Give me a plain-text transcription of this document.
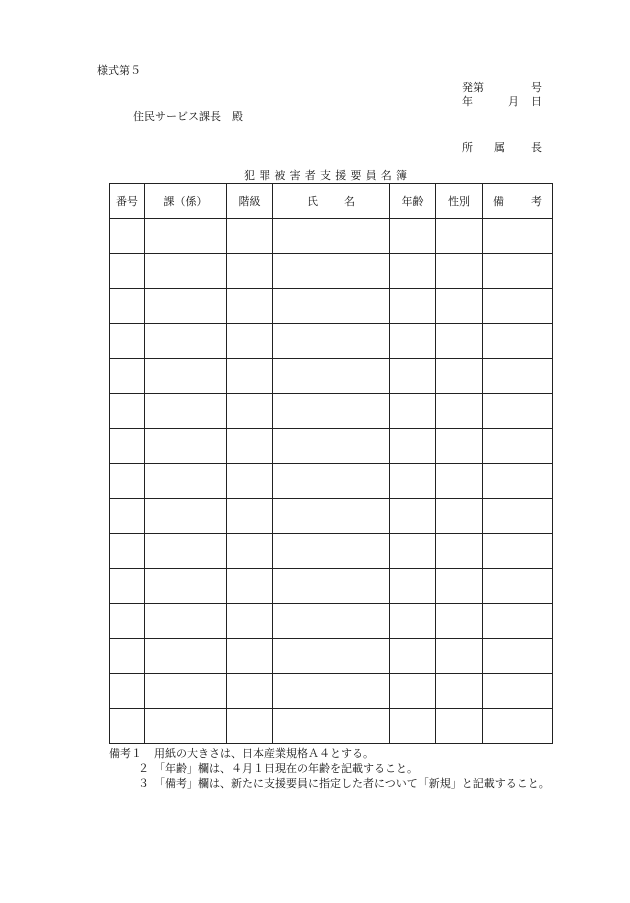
様式第５
発第	号
年	月 日
住民サービス課長　殿
所 属 長
犯罪被害者支援要員名簿
番号	課（係）	階級	氏 名	年齢	性別	備 考

備考１	用紙の大きさは、日本産業規格Ａ４とする。
２ 「年齢」欄は、４月１日現在の年齢を記載すること。
３ 「備考」欄は、新たに支援要員に指定した者について「新規」と記載すること。
